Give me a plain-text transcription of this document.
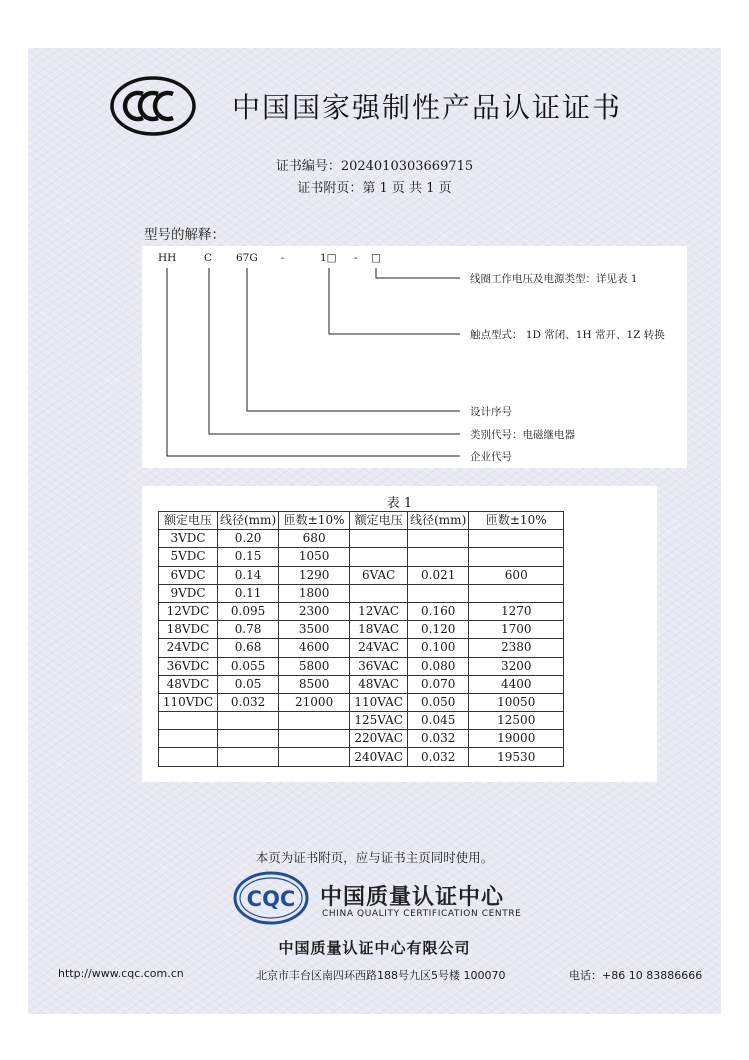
中国国家强制性产品认证证书
证书编号：2024010303669715
证书附页：第 1 页 共 1 页
型号的解释：
HH	C 67G -	1□ - □
线圈工作电压及电源类型：详见表 1
触点型式： 1D 常闭、1H 常开、1Z 转换
设计序号
类别代号：电磁继电器
企业代号
表 1
额定电压	线径(mm)	匝数±10%	额定电压	线径(mm)	匝数±10%
3VDC	0.20	680			
5VDC	0.15	1050			
6VDC	0.14	1290	6VAC	0.021	600
9VDC	0.11	1800			
12VDC	0.095	2300	12VAC	0.160	1270
18VDC	0.78	3500	18VAC	0.120	1700
24VDC	0.68	4600	24VAC	0.100	2380
36VDC	0.055	5800	36VAC	0.080	3200
48VDC	0.05	8500	48VAC	0.070	4400
110VDC	0.032	21000	110VAC	0.050	10050
			125VAC	0.045	12500
			220VAC	0.032	19000
			240VAC	0.032	19530
本页为证书附页，应与证书主页同时使用。
CQC 中国质量认证中心
CHINA QUALITY CERTIFICATION CENTRE
中国质量认证中心有限公司
http://www.cqc.com.cn	北京市丰台区南四环西路188号九区5号楼 100070	电话：+86 10 83886666
